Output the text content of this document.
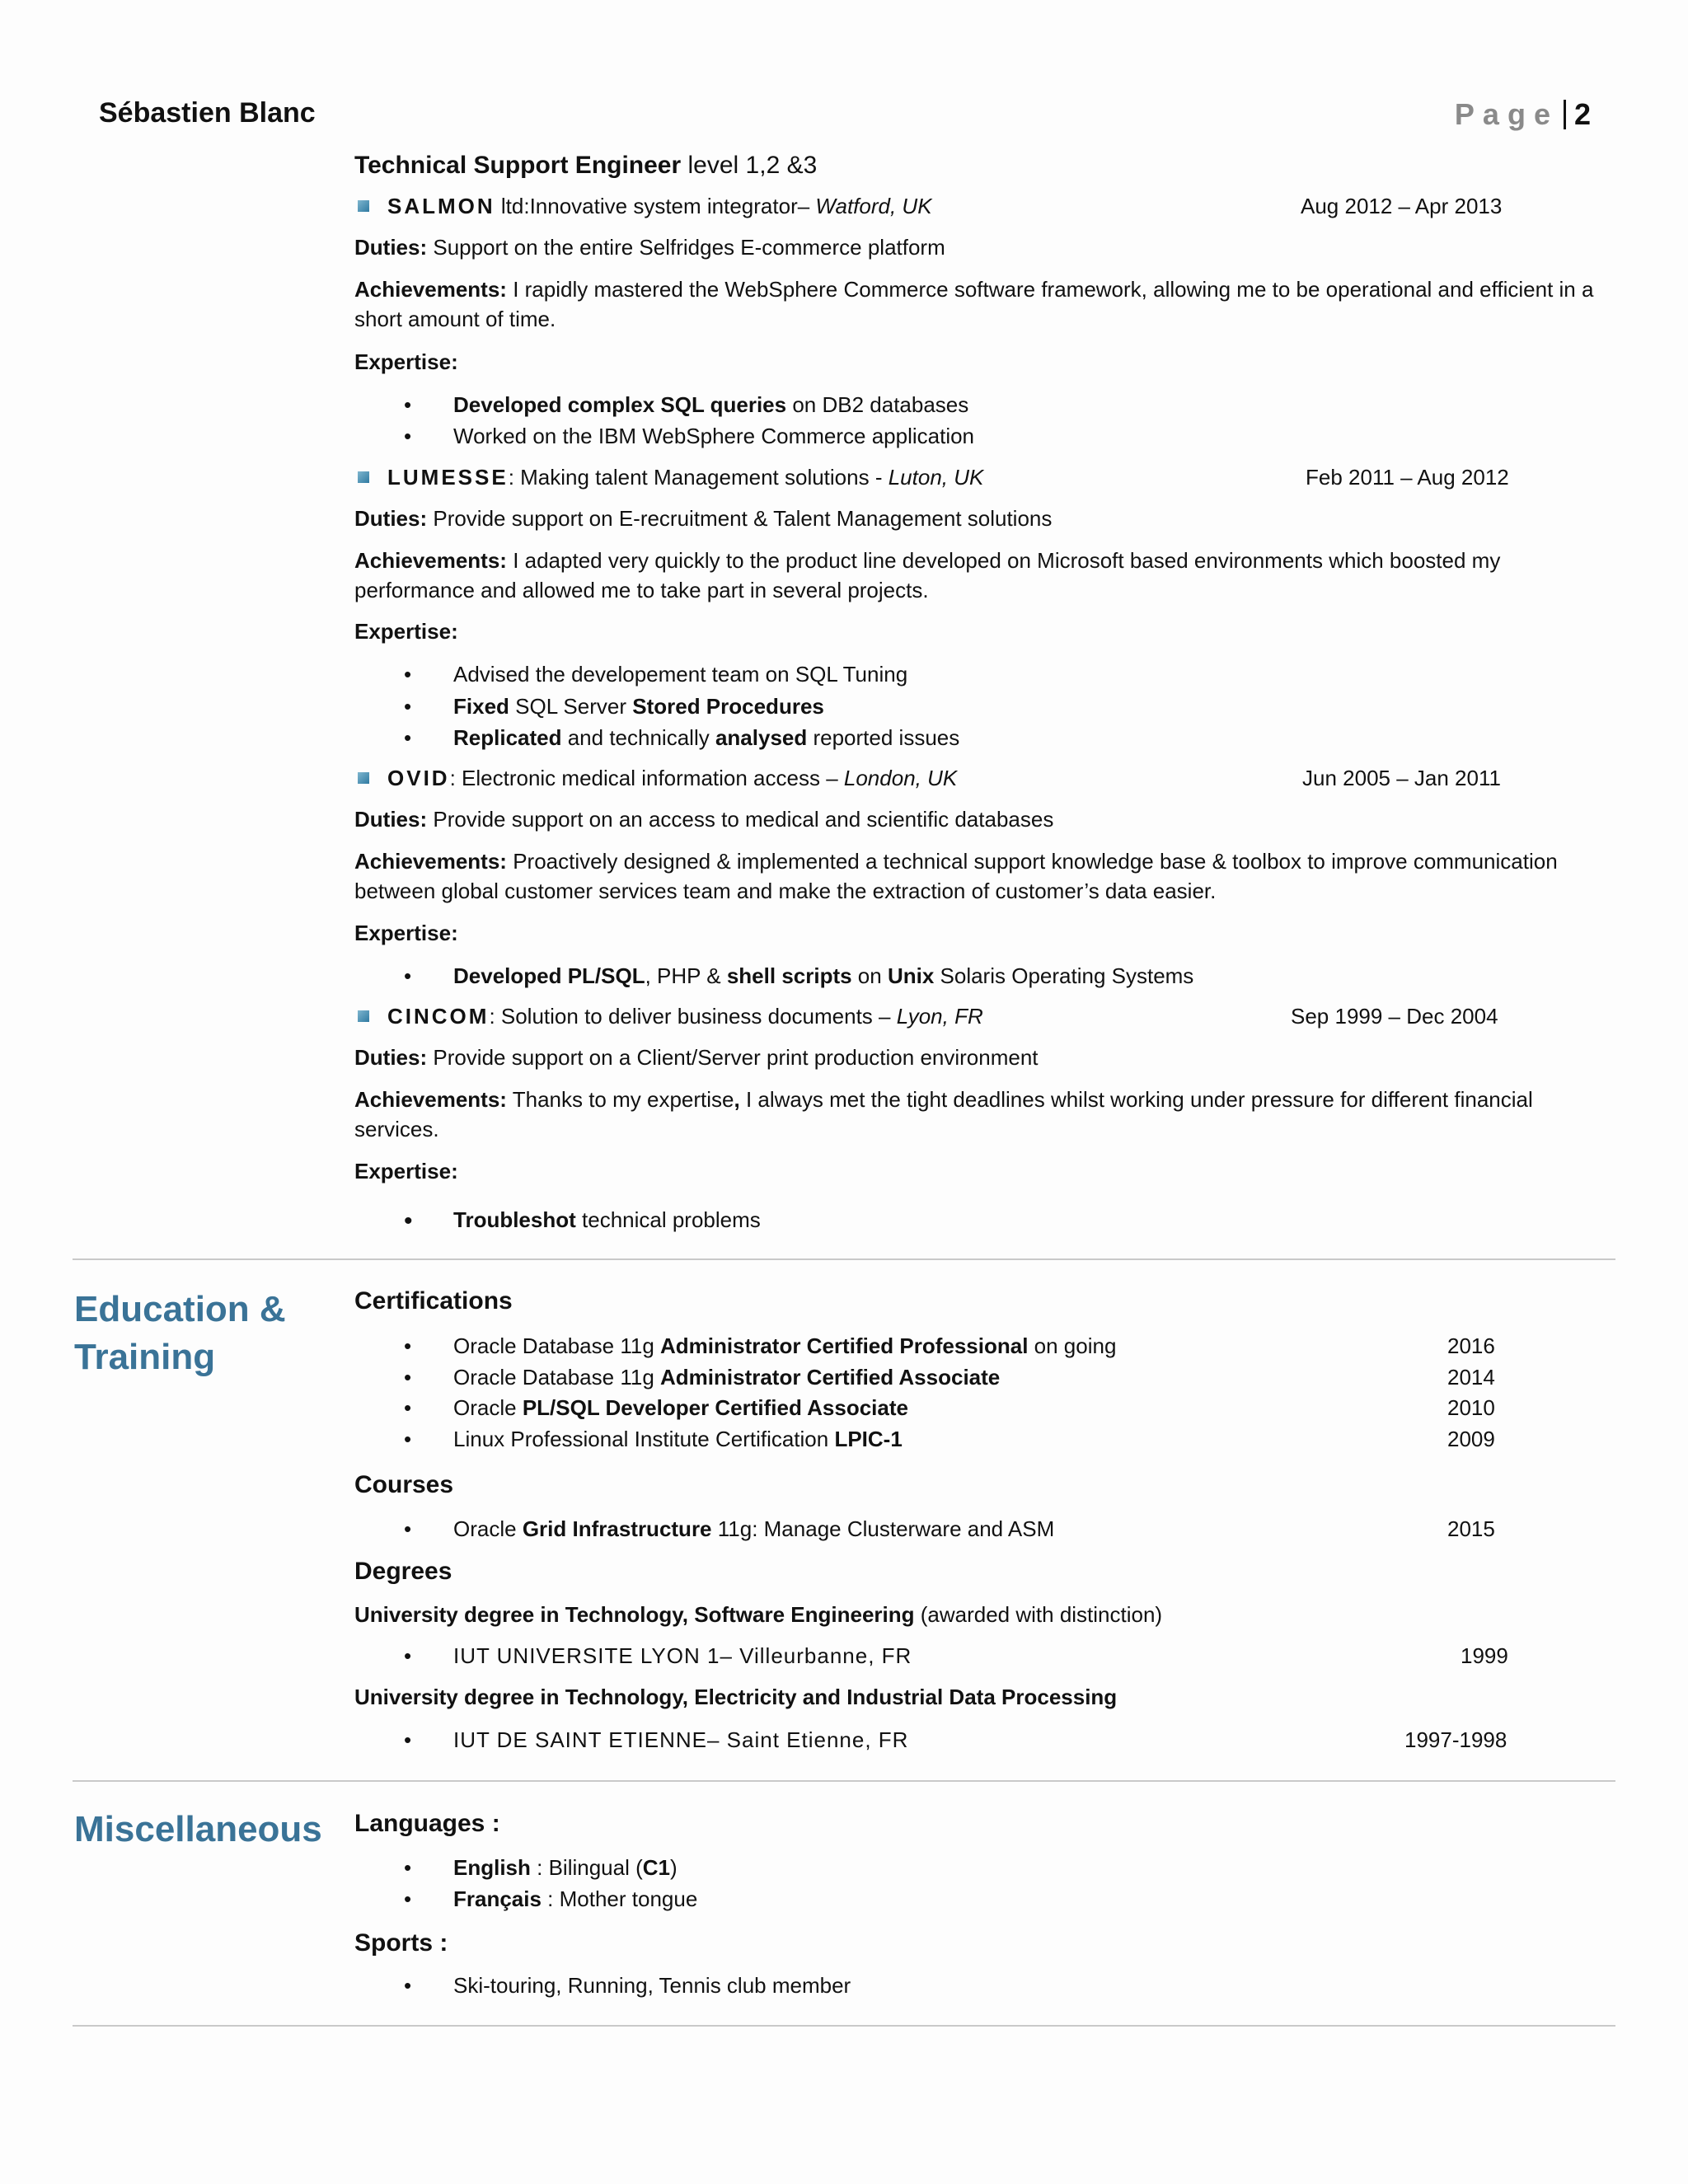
Sébastien Blanc	Page 2
Technical Support Engineer level 1,2 &3
SALMON ltd:Innovative system integrator– Watford, UK	Aug 2012 – Apr 2013
Duties: Support on the entire Selfridges E-commerce platform
Achievements: I rapidly mastered the WebSphere Commerce software framework, allowing me to be operational and efficient in a short amount of time.
Expertise:
• Developed complex SQL queries on DB2 databases
• Worked on the IBM WebSphere Commerce application
LUMESSE: Making talent Management solutions - Luton, UK	Feb 2011 – Aug 2012
Duties: Provide support on E-recruitment & Talent Management solutions
Achievements: I adapted very quickly to the product line developed on Microsoft based environments which boosted my performance and allowed me to take part in several projects.
Expertise:
• Advised the developement team on SQL Tuning
• Fixed SQL Server Stored Procedures
• Replicated and technically analysed reported issues
OVID: Electronic medical information access – London, UK	Jun 2005 – Jan 2011
Duties: Provide support on an access to medical and scientific databases
Achievements: Proactively designed & implemented a technical support knowledge base & toolbox to improve communication between global customer services team and make the extraction of customer’s data easier.
Expertise:
• Developed PL/SQL, PHP & shell scripts on Unix Solaris Operating Systems
CINCOM: Solution to deliver business documents – Lyon, FR	Sep 1999 – Dec 2004
Duties: Provide support on a Client/Server print production environment
Achievements: Thanks to my expertise, I always met the tight deadlines whilst working under pressure for different financial services.
Expertise:
• Troubleshot technical problems
Education & Training
Certifications
• Oracle Database 11g Administrator Certified Professional on going	2016
• Oracle Database 11g Administrator Certified Associate	2014
• Oracle PL/SQL Developer Certified Associate	2010
• Linux Professional Institute Certification LPIC-1	2009
Courses
• Oracle Grid Infrastructure 11g: Manage Clusterware and ASM	2015
Degrees
University degree in Technology, Software Engineering (awarded with distinction)
• IUT UNIVERSITE LYON 1– Villeurbanne, FR	1999
University degree in Technology, Electricity and Industrial Data Processing
• IUT DE SAINT ETIENNE– Saint Etienne, FR	1997-1998
Miscellaneous Languages :
• English : Bilingual (C1)
• Français : Mother tongue
Sports :
• Ski-touring, Running, Tennis club member
